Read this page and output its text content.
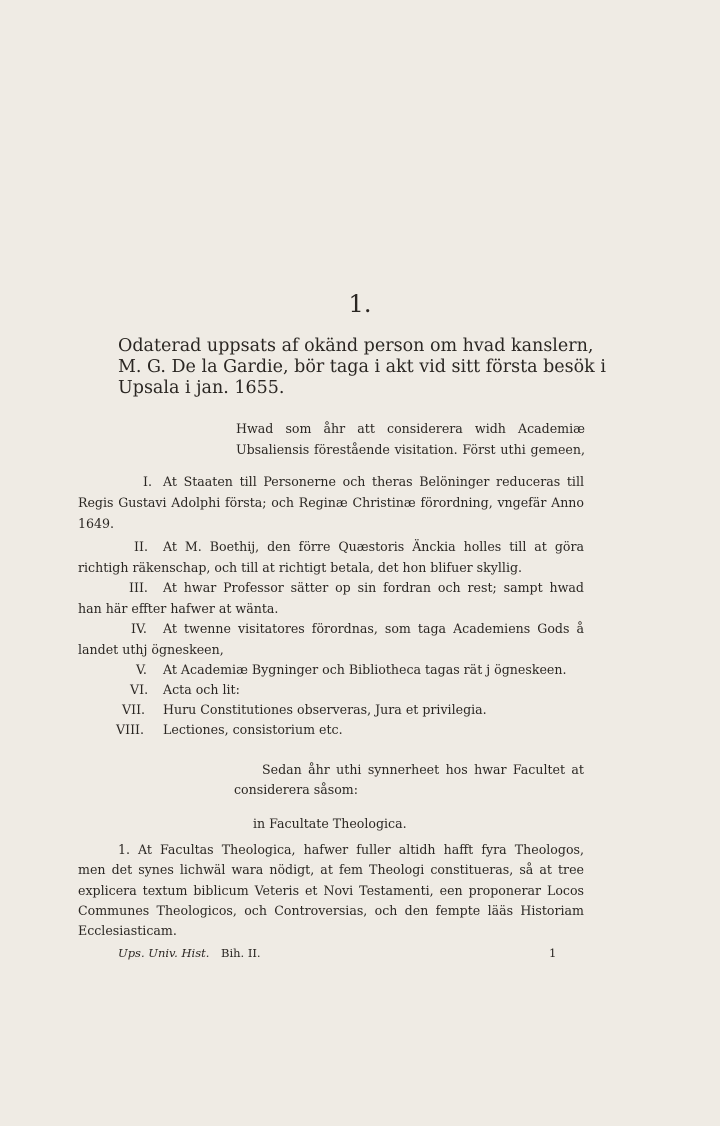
1.
Odaterad uppsats af okänd person om hvad kanslern,
M. G. De la Gardie, bör taga i akt vid sitt första besök i
Upsala i jan. 1655.
Hwad som åhr att considerera widh Academiæ
Ubsaliensis förestående visitation. Först uthi gemeen,
I. At Staaten till Personerne och theras Belöninger reduceras till
Regis Gustavi Adolphi första; och Reginæ Christinæ förordning, vngefär Anno
1649.
II. At M. Boethij, den förre Quæstoris Änckia holles till at göra
richtigh räkenschap, och till at richtigt betala, det hon blifuer skyllig.
III. At hwar Professor sätter op sin fordran och rest; sampt hwad
han här effter hafwer at wänta.
IV. At twenne visitatores förordnas, som taga Academiens Gods å
landet uthj ögneskeen,
V. At Academiæ Bygninger och Bibliotheca tagas rät j ögneskeen.
VI. Acta och lit:
VII. Huru Constitutiones observeras, Jura et privilegia.
VIII. Lectiones, consistorium etc.
Sedan åhr uthi synnerheet hos hwar Facultet at
considerera såsom:
in Facultate Theologica.
1. At Facultas Theologica, hafwer fuller altidh hafft fyra Theologos,
men det synes lichwäl wara nödigt, at fem Theologi constitueras, så at tree
explicera textum biblicum Veteris et Novi Testamenti, een proponerar Locos
Communes Theologicos, och Controversias, och den fempte lääs Historiam
Ecclesiasticam.
Ups. Univ. Hist. Bih. II.	1
